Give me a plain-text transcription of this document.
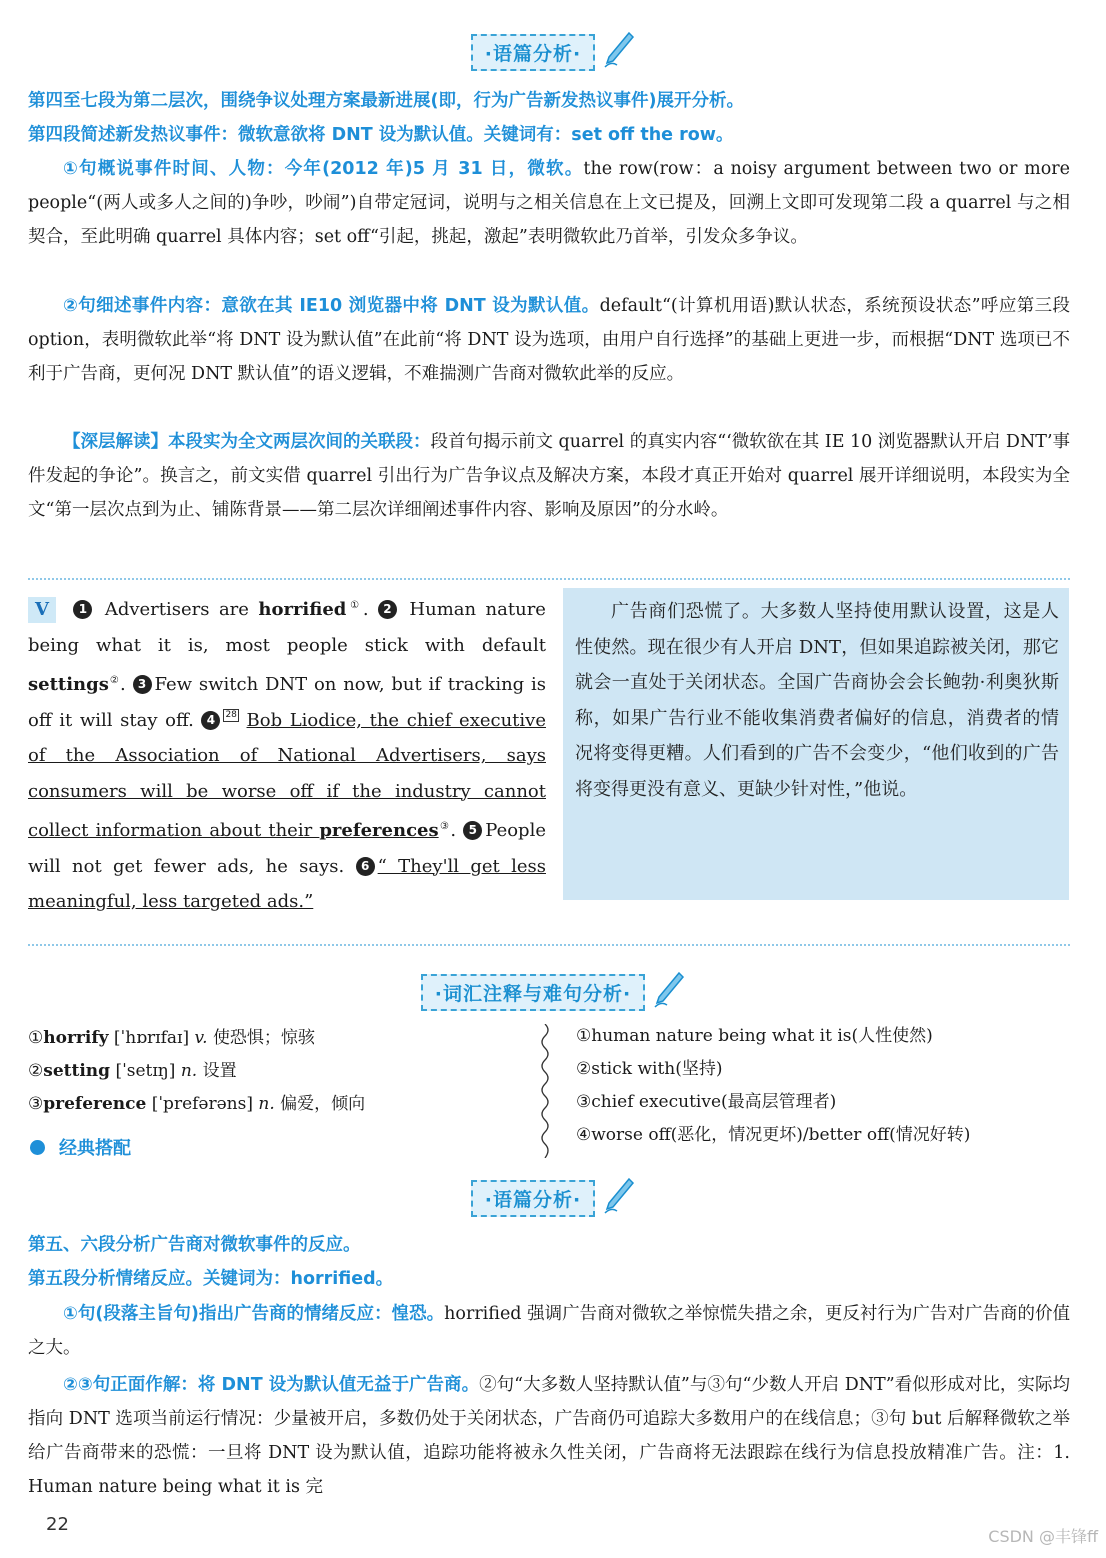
·语篇分析·
第四至七段为第二层次，围绕争议处理方案最新进展(即，行为广告新发热议事件)展开分析。
第四段简述新发热议事件：微软意欲将 DNT 设为默认值。关键词有：set off the row。
①句概说事件时间、人物：今年(2012 年)5 月 31 日，微软。the row(row：a noisy argument between two or more people“(两人或多人之间的)争吵，吵闹”)自带定冠词，说明与之相关信息在上文已提及，回溯上文即可发现第二段 a quarrel 与之相契合，至此明确 quarrel 具体内容；set off“引起，挑起，激起”表明微软此乃首举，引发众多争议。
②句细述事件内容：意欲在其 IE10 浏览器中将 DNT 设为默认值。default“(计算机用语)默认状态，系统预设状态”呼应第三段 option，表明微软此举“将 DNT 设为默认值”在此前“将 DNT 设为选项，由用户自行选择”的基础上更进一步，而根据“DNT 选项已不利于广告商，更何况 DNT 默认值”的语义逻辑，不难揣测广告商对微软此举的反应。
【深层解读】本段实为全文两层次间的关联段：段首句揭示前文 quarrel 的真实内容“‘微软欲在其 IE 10 浏览器默认开启 DNT’事件发起的争论”。换言之，前文实借 quarrel 引出行为广告争议点及解决方案，本段才真正开始对 quarrel 展开详细说明，本段实为全文“第一层次点到为止、铺陈背景——第二层次详细阐述事件内容、影响及原因”的分水岭。
V 1 Advertisers are horrified①. 2 Human nature being what it is, most people stick with default settings②. 3 Few switch DNT on now, but if tracking is off it will stay off. 4 28 Bob Liodice, the chief executive of the Association of National Advertisers, says consumers will be worse off if the industry cannot collect information about their preferences③. 5 People will not get fewer ads, he says. 6 “ They'll get less meaningful, less targeted ads.”
广告商们恐慌了。大多数人坚持使用默认设置，这是人性使然。现在很少有人开启 DNT，但如果追踪被关闭，那它就会一直处于关闭状态。全国广告商协会会长鲍勃·利奥狄斯称，如果广告行业不能收集消费者偏好的信息，消费者的情况将变得更糟。人们看到的广告不会变少，“他们收到的广告将变得更没有意义、更缺少针对性，”他说。
·词汇注释与难句分析·
①horrify [ˈhɒrɪfaɪ] v. 使恐惧；惊骇
②setting [ˈsetɪŋ] n. 设置
③preference [ˈprefərəns] n. 偏爱，倾向
①human nature being what it is(人性使然)
②stick with(坚持)
③chief executive(最高层管理者)
④worse off(恶化，情况更坏)/better off(情况好转)
经典搭配
·语篇分析·
第五、六段分析广告商对微软事件的反应。
第五段分析情绪反应。关键词为：horrified。
①句(段落主旨句)指出广告商的情绪反应：惶恐。horrified 强调广告商对微软之举惊慌失措之余，更反衬行为广告对广告商的价值之大。
②③句正面作解：将 DNT 设为默认值无益于广告商。②句“大多数人坚持默认值”与③句“少数人开启 DNT”看似形成对比，实际均指向 DNT 选项当前运行情况：少量被开启，多数仍处于关闭状态，广告商仍可追踪大多数用户的在线信息；③句 but 后解释微软之举给广告商带来的恐慌：一旦将 DNT 设为默认值，追踪功能将被永久性关闭，广告商将无法跟踪在线行为信息投放精准广告。注：1. Human nature being what it is 完
22
CSDN @丰锋ff
